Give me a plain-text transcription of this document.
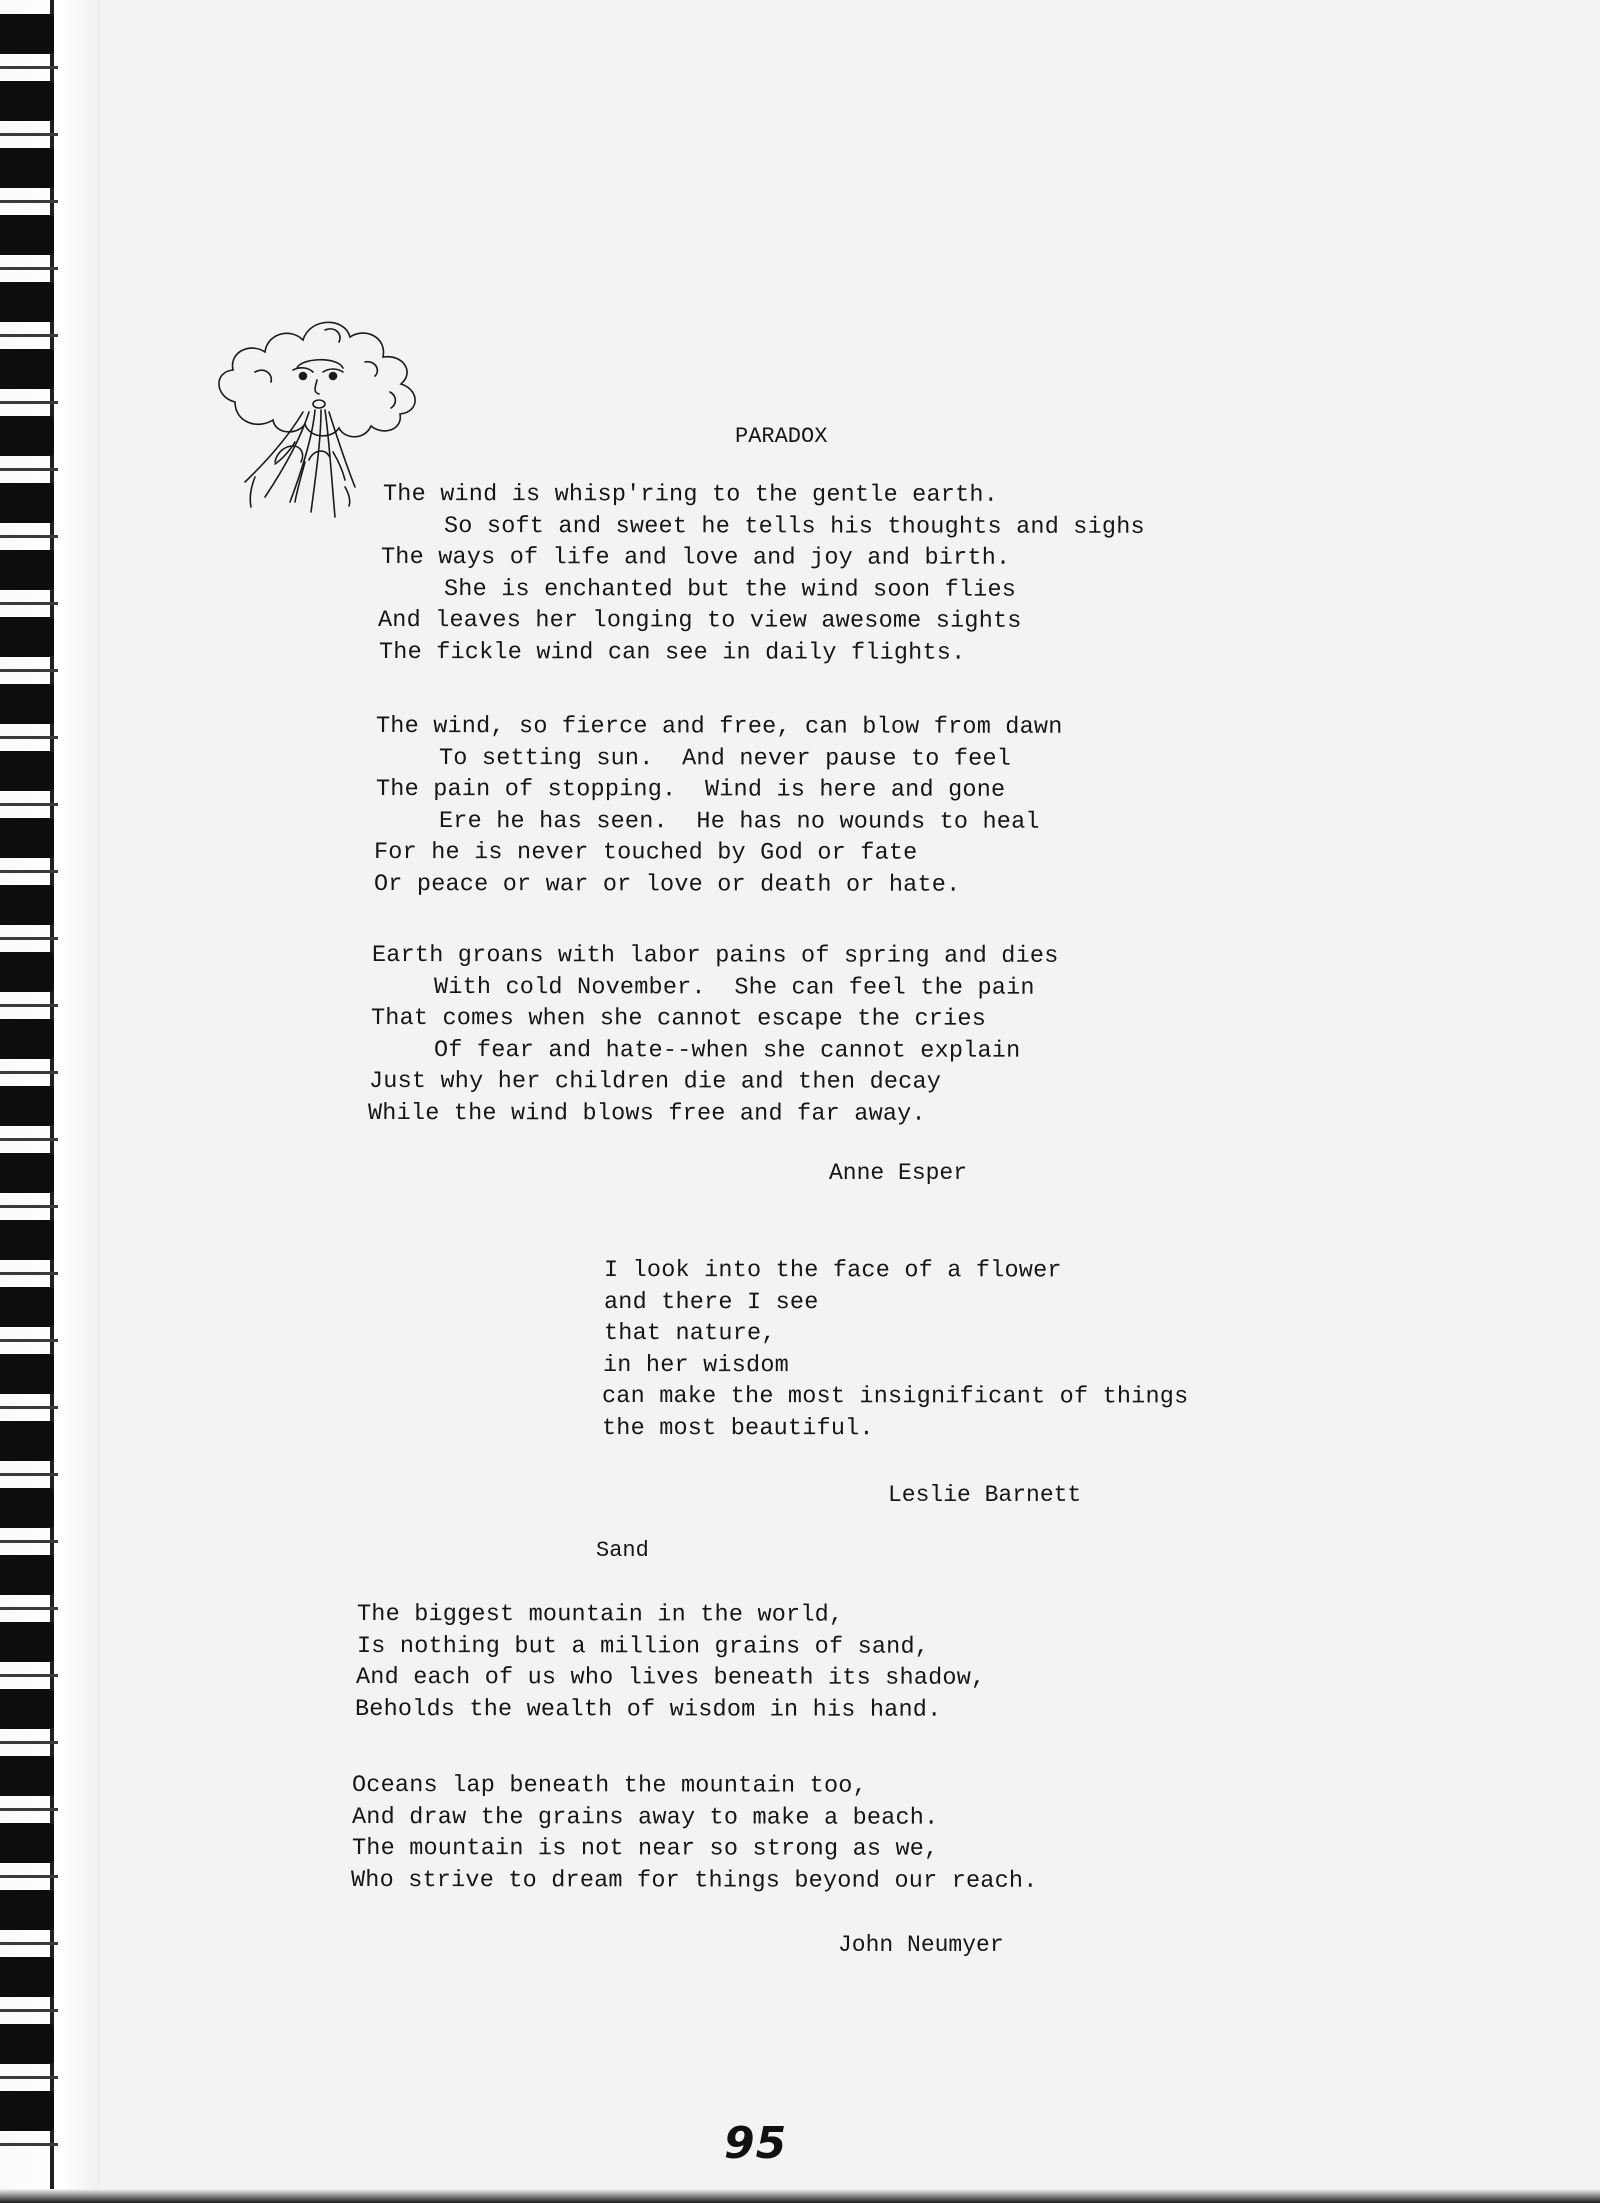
PARADOX
The wind is whisp'ring to the gentle earth.
So soft and sweet he tells his thoughts and sighs
The ways of life and love and joy and birth.
She is enchanted but the wind soon flies
And leaves her longing to view awesome sights
The fickle wind can see in daily flights.
The wind, so fierce and free, can blow from dawn
To setting sun.  And never pause to feel
The pain of stopping.  Wind is here and gone
Ere he has seen.  He has no wounds to heal
For he is never touched by God or fate
Or peace or war or love or death or hate.
Earth groans with labor pains of spring and dies
With cold November.  She can feel the pain
That comes when she cannot escape the cries
Of fear and hate--when she cannot explain
Just why her children die and then decay
While the wind blows free and far away.
Anne Esper
I look into the face of a flower
and there I see
that nature,
in her wisdom
can make the most insignificant of things
the most beautiful.
Leslie Barnett
Sand
The biggest mountain in the world,
Is nothing but a million grains of sand,
And each of us who lives beneath its shadow,
Beholds the wealth of wisdom in his hand.
Oceans lap beneath the mountain too,
And draw the grains away to make a beach.
The mountain is not near so strong as we,
Who strive to dream for things beyond our reach.
John Neumyer
95
